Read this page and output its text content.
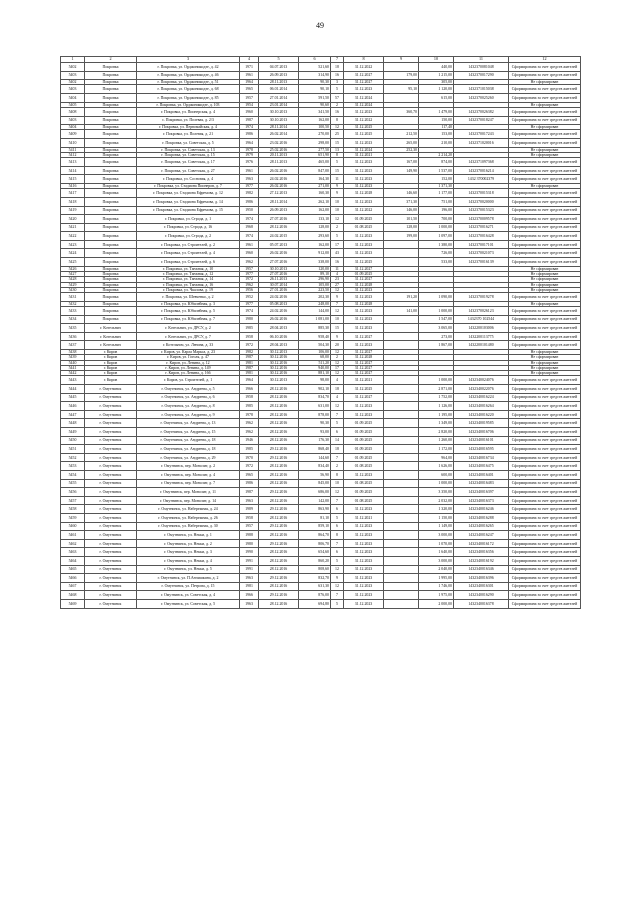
49
1	2	3	4	5	6	7	8	9	10	11	12
5402	Покровка	г. Покровка, ул. Орджоникидзе, д. 42	1971	04.07.2013	521,60	18	31.12.2022		440,00	1432370081048	Сформирована за счет средств жителей
5403	Покровка	г. Покровка, ул. Орджоникидзе, д. 46	1961	26.09.2013	314,90	16	31.12.2027	179,00	1 215,00	1432370017290	Сформирована за счет средств жителей
5402	Покровка	г. Покровка, ул. Орджоникидзе, д. 51	1964	28.11.2013	90,30	3	31.12.2027		305,00		Не сформирован
5403	Покровка	г. Покровка, ул. Орджоникидзе, д. 68	1965	06.01.2014	90,10	5	31.12.2023	95,10	1 120,00	1432371015038	Сформирована за счет средств жителей
5404	Покровка	г. Покровка, ул. Орджоникидзе, д. 85	1957	27.01.2014	591,50	57	31.12.2024		615,00	1432370025260	Сформирована за счет средств жителей
5405	Покровка	г. Покровка, ул. Орджоникидзе, д. 103	1954	23.01.2014	90,60	2	31.12.2024				Не сформирован
5408	Покровка	г. Покровка, ул. Пионерская, д. 4	1960	30.10.2013	341,50	16	31.12.2023	360,70	1 479,00	1432370026382	Сформирована за счет средств жителей
5403	Покровка	с. Покровка, ул. Полевая, д. 2/3	1987	30.10.2013	162,00	8	31.12.2022		150,00	1432370018247	Сформирована за счет средств жителей
5404	Покровка	г. Покровка, ул. Первомайская, д. 4	1974	28.11.2014	100,50	12	31.12.2025		117,40		Не сформирован
5409	Покровка	г. Покровка, ул. Полевая, д. 21	1986	26.02.2014	270,00	25	31.12.2025	212,50	153,00	1432370017243	Сформирована за счет средств жителей
5410	Покровка	г. Покровка, ул. Советская, д. 5	1964	23.02.2016	298,00	15	31.12.2023	265,00	210,00	1432371020016	Сформирована за счет средств жителей
5411	Покровка	г. Покровка, ул. Советская, д. 13	1978	25.02.2016	277,50	13	31.12.2024	252,30			Не сформирован
5412	Покровка	г. Покровка, ул. Советская, д. 15	1979	20.11.2013	651,90	8	31.12.2021		2 214,20		Не сформирован
5413	Покровка	г. Покровка, ул. Советская, д. 17	1976	28.11.2013	465,00	5	31.12.2023	167,00	874,00	1432371097368	Сформирована за счет средств жителей
5414	Покровка	г. Покровка, ул. Советская, д. 27	1961	26.02.2016	847,00	15	31.12.2023	149,90	1 537,00	1432370016214	Сформирована за счет средств жителей
5415	Покровка	г. Покровка, ул. Сосновая, д. 4	1963	24.02.2016	164,30	11	31.12.2023		152,00	1432 370002379	Сформирована за счет средств жителей
5416	Покровка	г. Покровка, ул. Стадиона Пионеров, д. 7	1977	26.02.2016	271,00	9	31.12.2023		1 371,30		Не сформирован
5417	Покровка	г. Покровка, ул. Стадиона Ефремова, д. 12	1982	27.12.2013	160,30	9	31.12.2028	146,60	1 177,00	1432370015318	Сформирована за счет средств жителей
5418	Покровка	г. Покровка, ул. Стадиона Ефремова, д. 14	1986	28.11.2014	262,10	10	31.12.2023	371,30	751,00	1432370020000	Сформирована за счет средств жителей
5419	Покровка	г. Покровка, ул. Стадиона Ефремова, д. 15	1950	26.09.2013	162,00	10	31.12.2022	146,00	196,00	1432370015323	Сформирована за счет средств жителей
5420	Покровка	г. Покровка, ул. Строда, д. 1	1974	27.07.2016	133,10	12	01.09.2025	101,50	700,00	1432370009578	Сформирована за счет средств жителей
5421	Покровка	г. Покровка, ул. Строда, д. 16	1968	28.12.2016	128,00	2	01.08.2025	128,00	1 000,00	1432370016271	Сформирована за счет средств жителей
5422	Покровка	г. Покровка, ул. Строда, д. 2	1974	24.02.2015	293,60	5	31.12.2023	199,00	1 097,00	1432370016428	Сформирована за счет средств жителей
5423	Покровка	г. Покровка, ул. Строителей, д. 2	1961	05.07.2013	162,00	17	31.12.2023		1 380,00	1432370017101	Сформирована за счет средств жителей
5424	Покровка	г. Покровка, ул. Строителей, д. 4	1960	26.02.2016	912,00	43	31.12.2023		726,00	1432370021073	Сформирована за счет средств жителей
5425	Покровка	г. Покровка, ул. Строителей, д. 6	1962	27.07.2016	338,00	16	31.12.2025		533,00	1432370016139	Сформирована за счет средств жителей
5426	Покровка	г. Покровка, ул. Таежная, д. 10	1957	30.10.2013	120,00	11	31.12.2027				Не сформирован
5427	Покровка	г. Покровка, ул. Таежная, д. 12	1977	27.07.2016	89,10	4	01.09.2025				Не сформирован
5428	Покровка	г. Покровка, ул. Таежная, д. 14	1972	26.11.2013	296,90	23	31.12.2027				Не сформирован
5429	Покровка	г. Покровка, ул. Таежная, д. 16	1962	30.07.2014	105,00	27	31.12.2028				Не сформирован
5430	Покровка	г. Покровка, ул. Чкалова, д. 19	1956	27.01.2016	223,50	12	31.12.2023				Не сформирован
5431	Покровка	г. Покровка, ул. Шевченко, д. 2	1952	24.02.2016	202,30	9	31.12.2023	191,20	1 090,00	1432370019278	Сформирована за счет средств жителей
5432	Покровка	г. Покровка, ул. Юбилейная, д. 3	1977	05.08.2013	248,00	7	31.12.2028				Не сформирован
5433	Покровка	г. Покровка, ул. Юбилейная, д. 5	1974	24.02.2016	144,00	12	31.12.2023	141,00	1 000,00	1432370026123	Сформирована за счет средств жителей
5434	Покровка	г. Покровка, ул. Юбилейная, д. 7	1980	26.02.2016	1 081,00	10	31.12.2023		1 547,00	1432370 102544	Сформирована за счет средств жителей
5435	г. Котельнич	г. Котельнич, ул. ДРСУ, д. 2	1985	28.04.2013	885,30	15	31.12.2023		3 065,00	1432200103006	Сформирована за счет средств жителей
5436	г. Котельнич	г. Котельнич, ул. ДРСУ, д. 7	1958	06.10.2016	958,40	9	31.12.2027		273,00	1432200113775	Сформирована за счет средств жителей
5437	г. Котельнич	г. Котельнич, ул. Ленина, д. 33	1972	28.04.2013	504,30	20	31.12.2023		1 867,00	1432200101480	Сформирована за счет средств жителей
5438	г. Киров	г. Киров, ул. Карла Маркса, д. 23	1982	30.12.2013	106,00	12	31.12.2027				Не сформирован
5439	г. Киров	г. Киров, ул. Гоголя, д. 47	1987	30.12.2016	68,00	2	31.12.2028				Не сформирован
5440	г. Киров	г. Киров, ул. Ленина, д. 12	1981	30.12.2016	511,20	12	31.12.2027				Не сформирован
5441	г. Киров	г. Киров, ул. Ленина, д. 149	1987	30.12.2016	940,00	17	31.12.2027				Не сформирован
5442	г. Киров	г. Киров, ул. Ленина, д. 166	1981	30.12.2016	881,10	12	31.12.2027				Не сформирован
5443	г. Киров	г. Киров, ул. Строителей, д. 1	1964	30.12.2013	98,00	4	31.12.2021		1 000,00	1432340024076	Сформирована за счет средств жителей
5444	г. Омутнинск	г. Омутнинск, ул. Андреева, д. 5	1966	28.12.2016	902,10	18	31.12.2025		2 871,00	1432340022076	Сформирована за счет средств жителей
5445	г. Омутнинск	г. Омутнинск, ул. Андреева, д. 6	1958	28.12.2016	834,70	4	31.12.2027		1 752,00	1432340016224	Сформирована за счет средств жителей
5446	г. Омутнинск	г. Омутнинск, ул. Андреева, д. 8	1985	28.12.2016	631,00	12	31.12.2023		1 126,00	1432340016264	Сформирована за счет средств жителей
5447	г. Омутнинск	г. Омутнинск, ул. Андреева, д. 9	1978	28.12.2016	878,00	7	31.12.2023		1 195,00	1432340016220	Сформирована за счет средств жителей
5448	г. Омутнинск	г. Омутнинск, ул. Андреева, д. 13	1962	28.12.2016	90,30	5	01.09.2025		1 349,00	1432340019585	Сформирована за счет средств жителей
5449	г. Омутнинск	г. Омутнинск, ул. Андреева, д. 15	1962	28.12.2016	93,00	6	01.09.2025		2 820,00	1432340016706	Сформирована за счет средств жителей
5450	г. Омутнинск	г. Омутнинск, ул. Андреева, д. 18	1946	28.12.2016	176,30	14	01.09.2025		1 260,00	1432340016101	Сформирована за счет средств жителей
5451	г. Омутнинск	г. Омутнинск, ул. Андреева, д. 18	1985	29.12.2016	868,40	18	01.09.2025		1 172,00	1432340016595	Сформирована за счет средств жителей
5452	г. Омутнинск	г. Омутнинск, ул. Андреева, д. 29	1970	29.12.2016	144,60	7	01.09.2025		964,00	1432340016734	Сформирована за счет средств жителей
5453	г. Омутнинск	г. Омутнинск, пер. Монолит, д. 2	1972	28.12.2016	834,40	2	01.08.2025		1 626,00	1432340016475	Сформирована за счет средств жителей
5454	г. Омутнинск	г. Омутнинск, пер. Монолит, д. 4	1965	28.12.2016	56,90	8	31.12.2023		600,00	1432340016401	Сформирована за счет средств жителей
5455	г. Омутнинск	г. Омутнинск, пер. Монолит, д. 7	1986	28.12.2016	845,00	10	01.08.2025		1 000,00	1432340016483	Сформирована за счет средств жителей
5456	г. Омутнинск	г. Омутнинск, пер. Монолит, д. 11	1987	29.12.2016	686,00	12	01.09.2025		3 350,00	1432340016397	Сформирована за счет средств жителей
5457	г. Омутнинск	г. Омутнинск, пер. Монолит, д. 14	1963	28.12.2016	142,00	7	01.08.2025		2 032,00	1432340016373	Сформирована за счет средств жителей
5458	г. Омутнинск	г. Омутнинск, ул. Набережная, д. 24	1989	29.12.2016	863,90	6	31.12.2023		1 320,00	1432340016246	Сформирована за счет средств жителей
5459	г. Омутнинск	г. Омутнинск, ул. Набережная, д. 26	1958	28.12.2016	81,10	5	31.12.2021		1 150,00	1432340016288	Сформирована за счет средств жителей
5460	г. Омутнинск	г. Омутнинск, ул. Набережная, д. 30	1957	29.12.2016	859,10	6	31.12.2023		1 149,00	1432340016265	Сформирована за счет средств жителей
5461	г. Омутнинск	г. Омутнинск, ул. Некки, д. 1	1988	28.12.2016	864,70	8	31.12.2023		3 000,00	1432340016247	Сформирована за счет средств жителей
5462	г. Омутнинск	г. Омутнинск, ул. Некки, д. 2	1980	29.12.2016	806,70	7	31.12.2023		1 070,00	1432340016172	Сформирована за счет средств жителей
5463	г. Омутнинск	г. Омутнинск, ул. Некки, д. 3	1990	28.12.2016	654,60	6	31.12.2023		1 640,00	1432340016356	Сформирована за счет средств жителей
5464	г. Омутнинск	г. Омутнинск, ул. Некки, д. 4	1991	28.12.2016	860,20	5	31.12.2023		3 000,00	1432340016192	Сформирована за счет средств жителей
5465	г. Омутнинск	г. Омутнинск, ул. Некки, д. 5	1991	28.12.2016	808,60	12	31.12.2023		2 040,00	1432340016346	Сформирована за счет средств жителей
5466	г. Омутнинск	г. Омутнинск, ул. П.Анчишкина, д. 2	1963	29.12.2016	832,70	9	31.12.2023		1 995,00	1432340016396	Сформирована за счет средств жителей
5467	г. Омутнинск	г. Омутнинск, ул. Петрова, д. 15	1981	28.12.2016	631,30	12	31.12.2023		1 746,00	1432340016301	Сформирована за счет средств жителей
5468	г. Омутнинск	г. Омутнинск, ул. Советская, д. 4	1966	29.12.2016	876,00	7	31.12.2023		1 975,00	1432340016290	Сформирована за счет средств жителей
5469	г. Омутнинск	г. Омутнинск, ул. Советская, д. 5	1963	28.12.2016	694,80	5	31.12.2023		2 000,00	1432340016378	Сформирована за счет средств жителей
